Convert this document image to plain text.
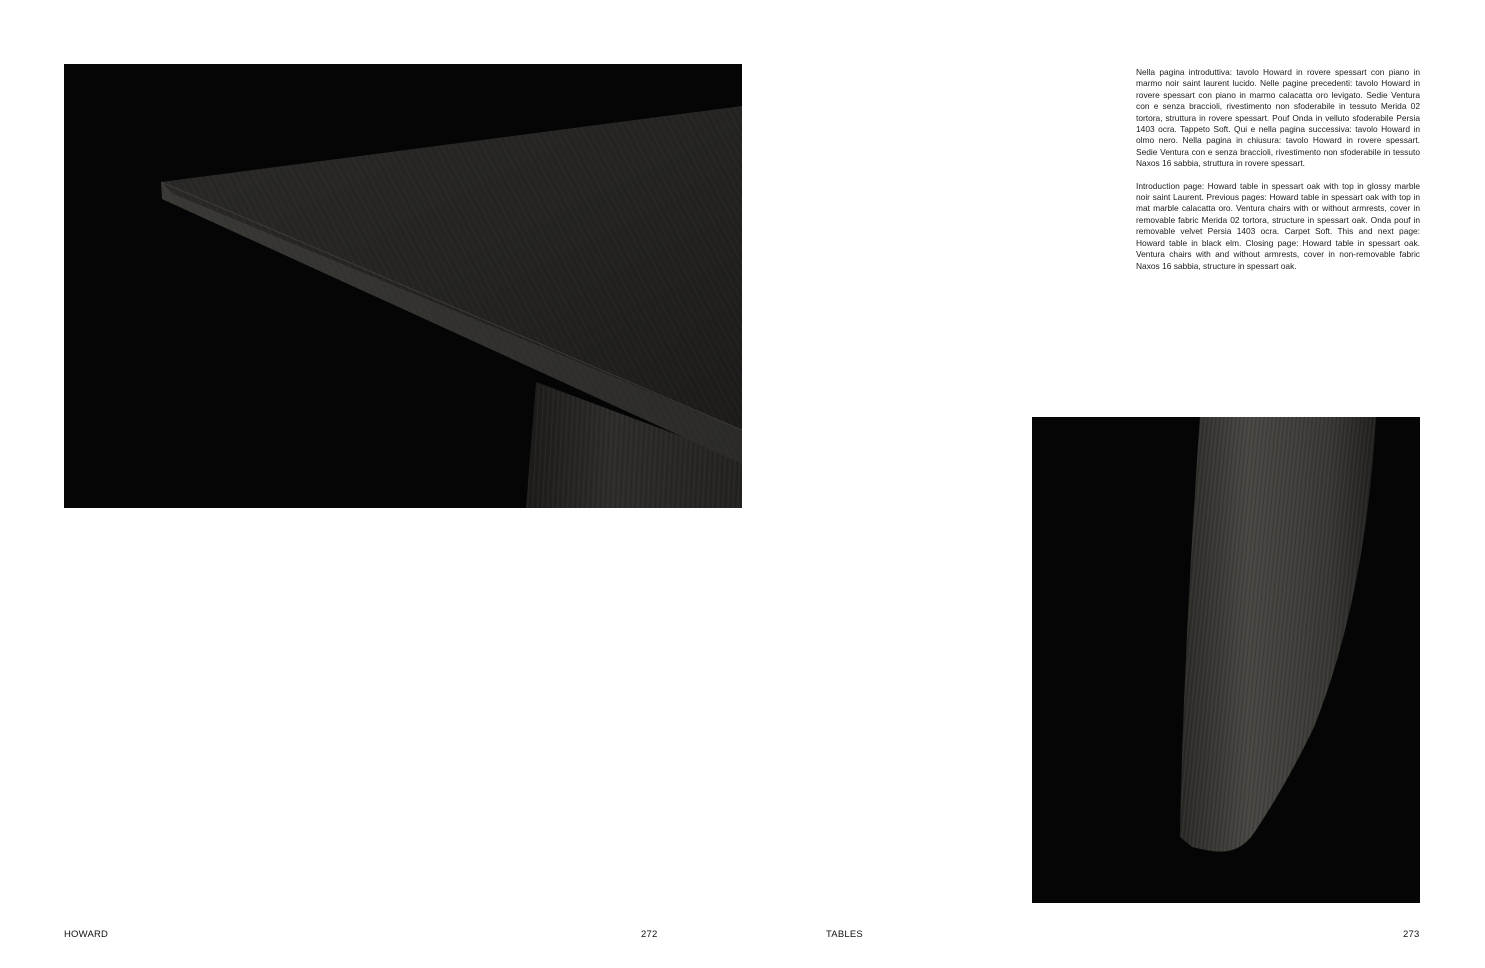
Nella pagina introduttiva: tavolo Howard in rovere spessart con piano in marmo noir saint laurent lucido. Nelle pagine precedenti: tavolo Howard in rovere spessart con piano in marmo calacatta oro levigato. Sedie Ventura con e senza braccioli, rivestimento non sfoderabile in tessuto Merida 02 tortora, struttura in rovere spessart. Pouf Onda in velluto sfoderabile Persia 1403 ocra. Tappeto Soft. Qui e nella pagina successiva: tavolo Howard in olmo nero. Nella pagina in chiusura: tavolo Howard in rovere spessart. Sedie Ventura con e senza braccioli, rivestimento non sfoderabile in tessuto Naxos 16 sabbia, struttura in rovere spessart.

Introduction page: Howard table in spessart oak with top in glossy marble noir saint Laurent. Previous pages: Howard table in spessart oak with top in mat marble calacatta oro. Ventura chairs with or without armrests, cover in removable fabric Merida 02 tortora, structure in spessart oak. Onda pouf in removable velvet Persia 1403 ocra. Carpet Soft. This and next page: Howard table in black elm. Closing page: Howard table in spessart oak. Ventura chairs with and without armrests, cover in non-removable fabric Naxos 16 sabbia, structure in spessart oak.

HOWARD	272	TABLES	273
